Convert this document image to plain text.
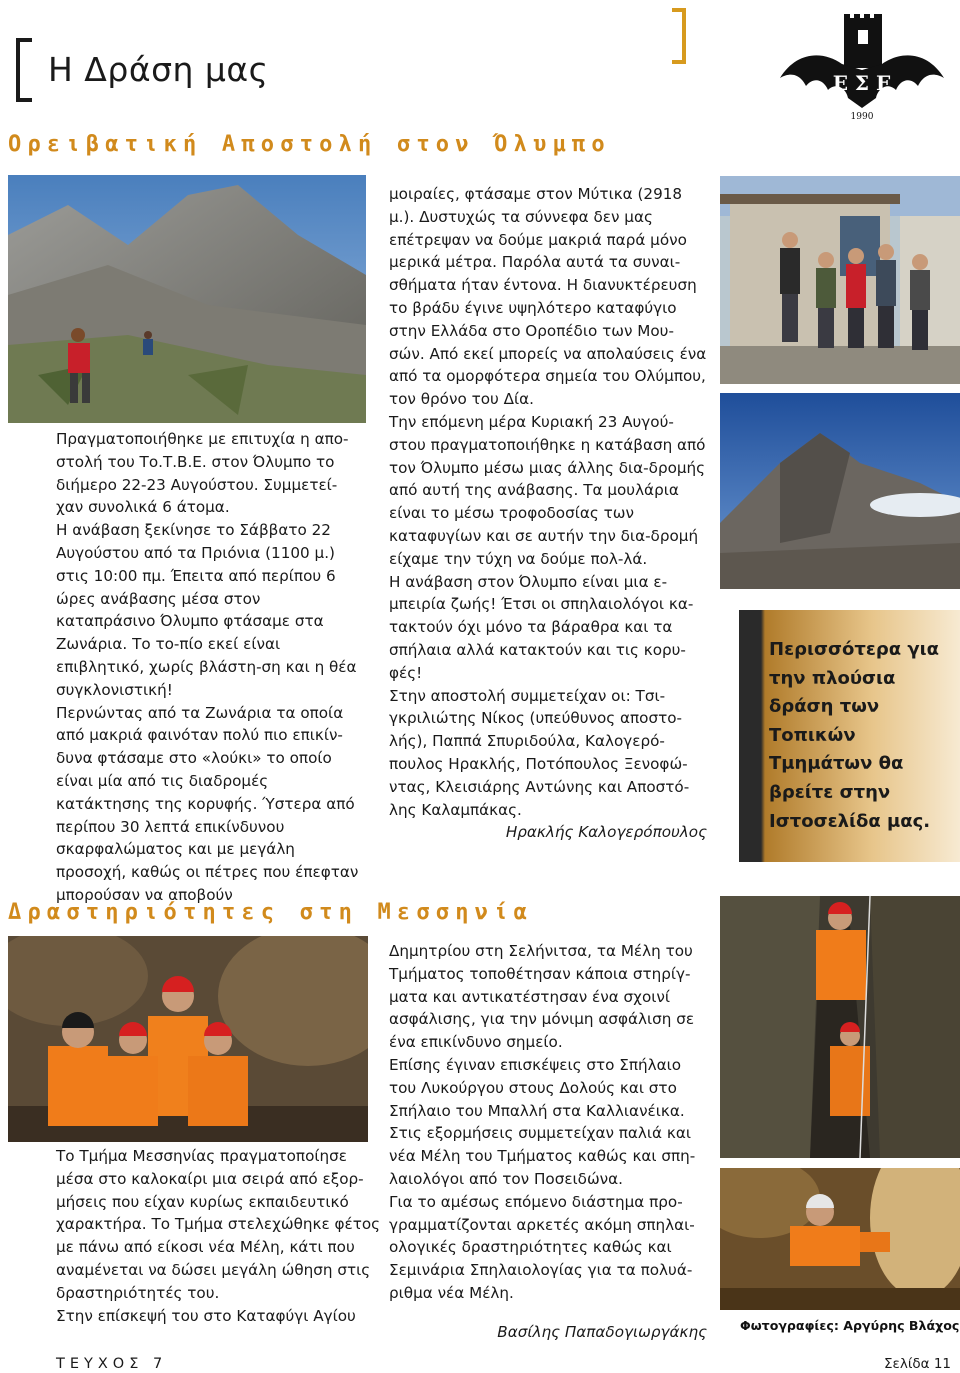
Η Δράση μας	Ε Σ Ε
1990
Ορειβατική Αποστολή στον Όλυμπο

Πραγματοποιήθηκε με επιτυχία η απο-στολή του Το.Τ.Β.Ε. στον Όλυμπο το διήμερο 22-23 Αυγούστου. Συμμετεί-χαν συνολικά 6 άτομα.

Η ανάβαση ξεκίνησε το Σάββατο 22 Αυγούστου από τα Πριόνια (1100 μ.) στις 10:00 πμ. Έπειτα από περίπου 6 ώρες ανάβασης μέσα στον καταπράσινο Όλυμπο φτάσαμε στα Ζωνάρια. Το το-πίο εκεί είναι επιβλητικό, χωρίς βλάστη-ση και η θέα συγκλονιστική!

Περνώντας από τα Ζωνάρια τα οποία από μακριά φαινόταν πολύ πιο επικίν-δυνα φτάσαμε στο «λούκι» το οποίο είναι μία από τις διαδρομές κατάκτησης της κορυφής. Ύστερα από περίπου 30 λεπτά επικίνδυνου σκαρφαλώματος και με μεγάλη προσοχή, καθώς οι πέτρες που έπεφταν μπορούσαν να αποβούν

μοιραίες, φτάσαμε στον Μύτικα (2918 μ.). Δυστυχώς τα σύννεφα δεν μας επέτρεψαν να δούμε μακριά παρά μόνο μερικά μέτρα. Παρόλα αυτά τα συναι-σθήματα ήταν έντονα. Η διανυκτέρευση το βράδυ έγινε υψηλότερο καταφύγιο στην Ελλάδα στο Οροπέδιο των Μου-σών. Από εκεί μπορείς να απολαύσεις ένα από τα ομορφότερα σημεία του Ολύμπου, τον θρόνο του Δία.

Την επόμενη μέρα Κυριακή 23 Αυγού-στου πραγματοποιήθηκε η κατάβαση από τον Όλυμπο μέσω μιας άλλης δια-δρομής από αυτή της ανάβασης. Τα μουλάρια είναι το μέσω τροφοδοσίας των καταφυγίων και σε αυτήν την δια-δρομή είχαμε την τύχη να δούμε πολ-λά.

Η ανάβαση στον Όλυμπο είναι μια ε-μπειρία ζωής! Έτσι οι σπηλαιολόγοι κα-τακτούν όχι μόνο τα βάραθρα και τα σπήλαια αλλά κατακτούν και τις κορυ-φές!

Στην αποστολή συμμετείχαν οι: Τσι-γκριλιώτης Νίκος (υπεύθυνος αποστο-λής), Παππά Σπυριδούλα, Καλογερό-πουλος Ηρακλής, Ποτόπουλος Ξενοφώ-ντας, Κλεισιάρης Αντώνης και Αποστό-λης Καλαμπάκας.

Ηρακλής Καλογερόπουλος

Περισσότερα για την πλούσια δράση των Τοπικών Τμημάτων θα βρείτε στην Ιστοσελίδα μας.
Δραστηριότητες στη Μεσσηνία

Το Τμήμα Μεσσηνίας πραγματοποίησε μέσα στο καλοκαίρι μια σειρά από εξορ-μήσεις που είχαν κυρίως εκπαιδευτικό χαρακτήρα. Το Τμήμα στελεχώθηκε φέτος με πάνω από είκοσι νέα Μέλη, κάτι που αναμένεται να δώσει μεγάλη ώθηση στις δραστηριότητές του.

Στην επίσκεψή του στο Καταφύγι Αγίου

Δημητρίου στη Σελήνιτσα, τα Μέλη του Τμήματος τοποθέτησαν κάποια στηρίγ-ματα και αντικατέστησαν ένα σχοινί ασφάλισης, για την μόνιμη ασφάλιση σε ένα επικίνδυνο σημείο.

Επίσης έγιναν επισκέψεις στο Σπήλαιο του Λυκούργου στους Δολούς και στο Σπήλαιο του Μπαλλή στα Καλλιανέικα.

Στις εξορμήσεις συμμετείχαν παλιά και νέα Μέλη του Τμήματος καθώς και σπη-λαιολόγοι από τον Ποσειδώνα.

Για το αμέσως επόμενο διάστημα προ-γραμματίζονται αρκετές ακόμη σπηλαι-ολογικές δραστηριότητες καθώς και Σεμινάρια Σπηλαιολογίας για τα πολυά-ριθμα νέα Μέλη.

Βασίλης Παπαδογιωργάκης	Φωτογραφίες: Αργύρης Βλάχος
ΤΕΥΧΟΣ 7	Σελίδα 11
